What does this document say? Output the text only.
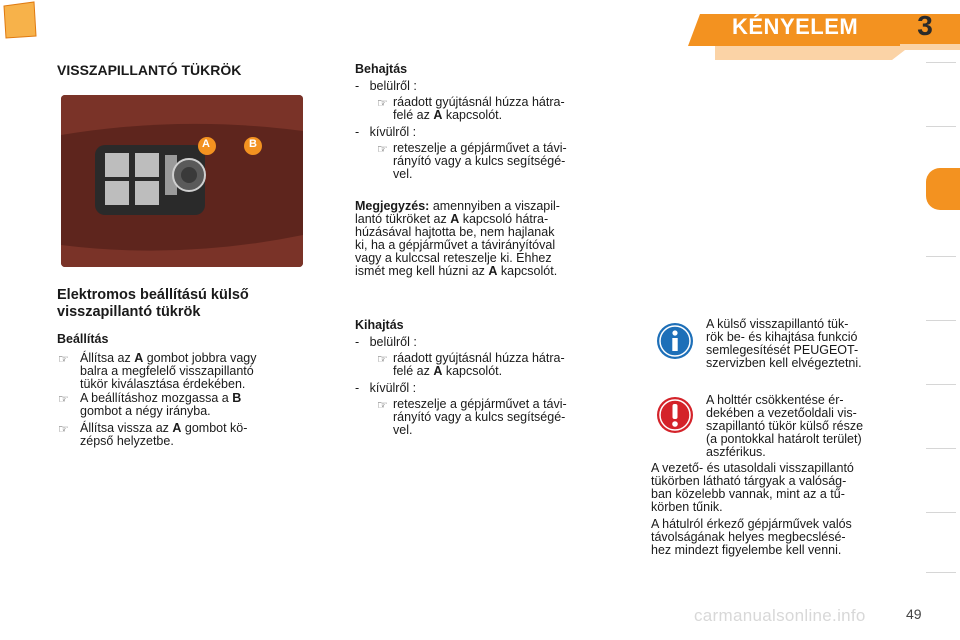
KÉNYELEM	3
VISSZAPILLANTÓ TÜKRÖK
A	B
Elektromos beállítású külső
visszapillantó tükrök
Beállítás
☞ Állítsa az A gombot jobbra vagy
balra a megfelelő visszapillantó
tükör kiválasztása érdekében.
☞ A beállításhoz mozgassa a B
gombot a négy irányba.
☞ Állítsa vissza az A gombot kö-
zépső helyzetbe.
Behajtás
-   belülről :
☞ ráadott gyújtásnál húzza hátra-
felé az A kapcsolót.
-   kívülről :
☞ reteszelje a gépjárművet a távi-
rányító vagy a kulcs segítségé-
vel.
Megjegyzés: amennyiben a viszapil-
lantó tükröket az A kapcsoló hátra-
húzásával hajtotta be, nem hajlanak
ki, ha a gépjárművet a távirányítóval
vagy a kulccsal reteszelje ki. Ehhez
ismét meg kell húzni az A kapcsolót.
Kihajtás
-   belülről :
☞ ráadott gyújtásnál húzza hátra-
felé az A kapcsolót.
-   kívülről :
☞ reteszelje a gépjárművet a távi-
rányító vagy a kulcs segítségé-
vel.
A külső visszapillantó tük-
rök be- és kihajtása funkció
semlegesítését PEUGEOT-
szervizben kell elvégeztetni.
A holttér csökkentése ér-
dekében a vezetőoldali vis-
szapillantó tükör külső része
(a pontokkal határolt terület)
aszférikus.
A vezető- és utasoldali visszapillantó
tükörben látható tárgyak a valóság-
ban közelebb vannak, mint az a tű-
körben tűnik.
A hátulról érkező gépjárművek valós
távolságának helyes megbecslésé-
hez mindezt figyelembe kell venni.
carmanualsonline.info	49
